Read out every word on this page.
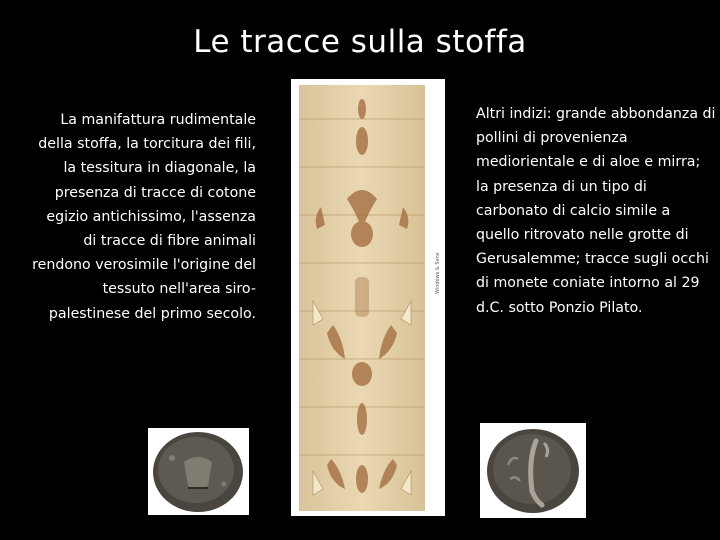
Le tracce sulla stoffa
La manifattura rudimentale della stoffa, la torcitura dei fili, la tessitura in diagonale, la presenza di tracce di cotone egizio antichissimo, l'assenza di tracce di fibre animali rendono verosimile l'origine del tessuto nell'area siro-palestinese del primo secolo.
Windows & Sens
Altri indizi: grande abbondanza di pollini di provenienza mediorientale e di aloe e mirra; la presenza di un tipo di carbonato di calcio simile a quello ritrovato nelle grotte di Gerusalemme; tracce sugli occhi di monete coniate intorno al 29 d.C. sotto Ponzio Pilato.
